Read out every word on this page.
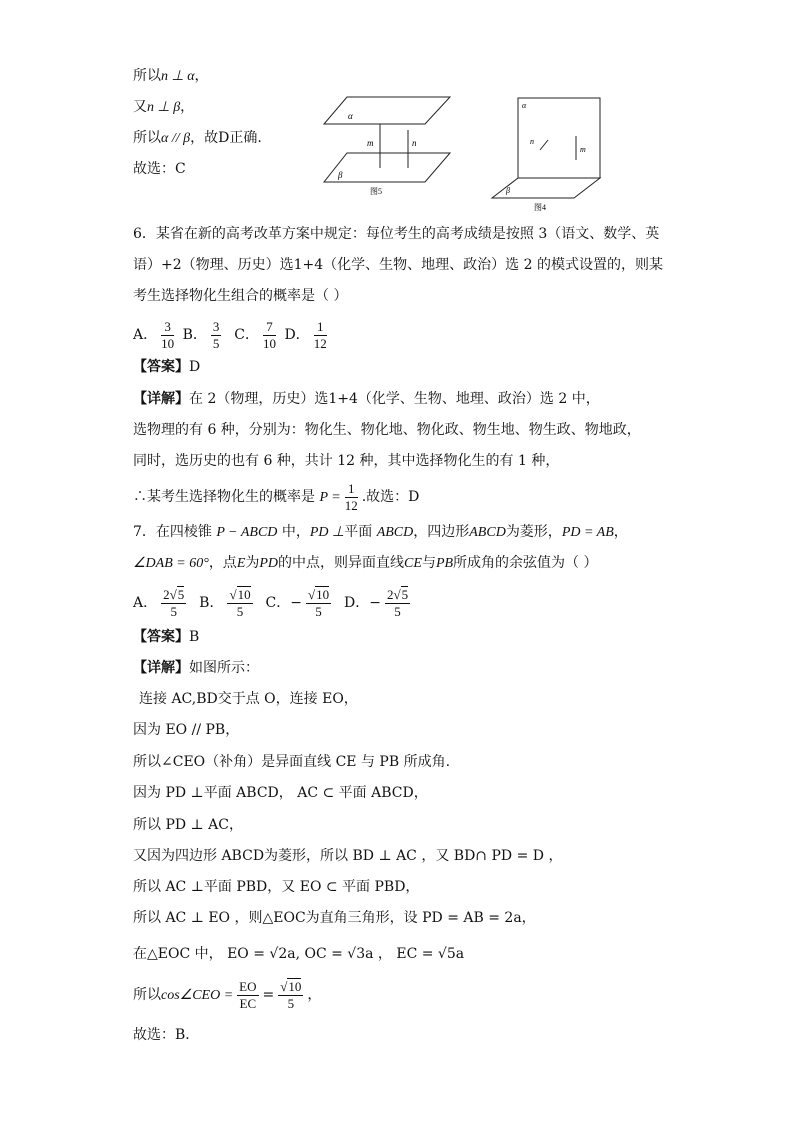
所以n ⊥ α，
又n ⊥ β，
所以α // β，故D正确.
故选：C
α
m	n
β
图5
α
n
m
β
图4
6．某省在新的高考改革方案中规定：每位考生的高考成绩是按照 3（语文、数学、英
语）+2（物理、历史）选1+4（化学、生物、地理、政治）选 2 的模式设置的，则某
考生选择物化生组合的概率是（ ）
A． $\frac{3}{10}$ B． $\frac{3}{5}$ C． $\frac{7}{10}$ D． $\frac{1}{12}$
【答案】D
【详解】在 2（物理，历史）选1+4（化学、生物、地理、政治）选 2 中，
选物理的有 6 种，分别为：物化生、物化地、物化政、物生地、物生政、物地政，
同时，选历史的也有 6 种，共计 12 种，其中选择物化生的有 1 种，
∴某考生选择物化生的概率是 $P = \frac{1}{12}$ .故选：D
7．在四棱锥 P − ABCD 中，PD ⊥平面 ABCD，四边形ABCD为菱形，PD = AB，
∠DAB = 60°，点E为PD的中点，则异面直线CE与PB所成角的余弦值为（ ）
A． $\frac{2√5}{5}$ B． $\frac{√10}{5}$ C．− $\frac{√10}{5}$ D．− $\frac{2√5}{5}$
【答案】B
【详解】如图所示：
连接 AC,BD交于点 O，连接 EO，
因为 EO // PB，
所以∠CEO（补角）是异面直线 CE 与 PB 所成角.
因为 PD ⊥平面 ABCD， AC ⊂ 平面 ABCD，
所以 PD ⊥ AC，
又因为四边形 ABCD为菱形，所以 BD ⊥ AC ，又 BD∩ PD = D ，
所以 AC ⊥平面 PBD，又 EO ⊂ 平面 PBD，
所以 AC ⊥ EO ，则△EOC为直角三角形，设 PD = AB = 2a，
在△EOC 中， EO = √2a, OC = √3a ， EC = √5a
所以cos∠CEO = $\frac{EO}{EC} = \frac{√10}{5}$ ，
故选：B．
